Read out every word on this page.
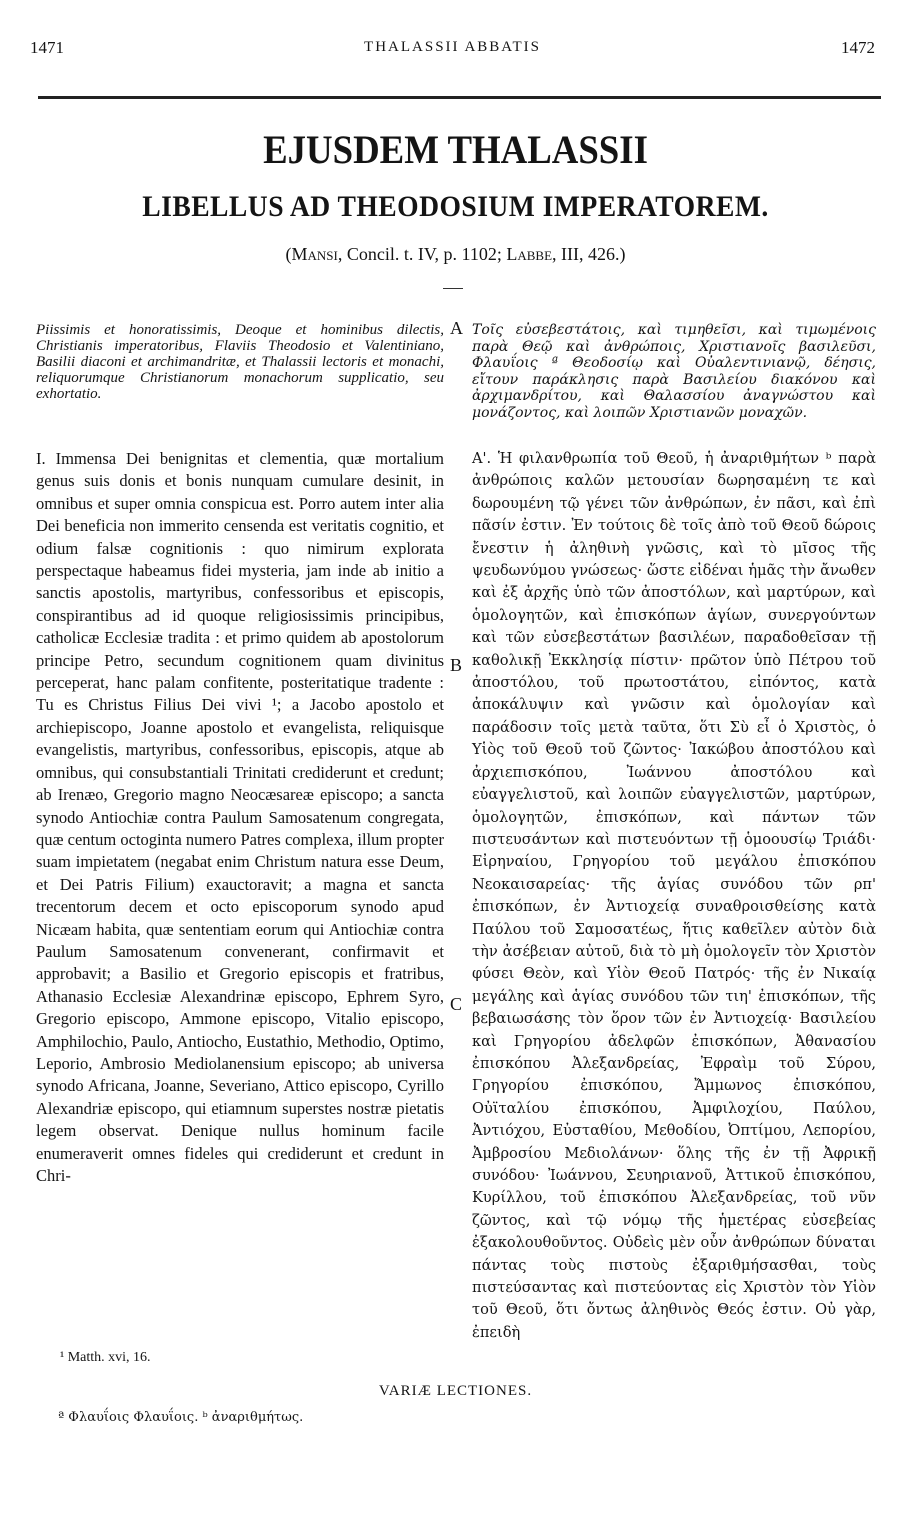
1471	THALASSII ABBATIS	1472
EJUSDEM THALASSII
LIBELLUS AD THEODOSIUM IMPERATOREM.
(Mansi, Concil. t. IV, p. 1102; Labbe, III, 426.)

Piissimis et honoratissimis, Deoque et hominibus dilectis, Christianis imperatoribus, Flaviis Theodosio et Valentiniano, Basilii diaconi et archimandritæ, et Thalassii lectoris et monachi, reliquorumque Christianorum monachorum supplicatio, seu exhortatio.

Τοῖς εὐσεβεστάτοις, καὶ τιμηθεῖσι, καὶ τιμωμένοις παρὰ Θεῷ καὶ ἀνθρώποις, Χριστιανοῖς βασιλεῦσι, Φλαυΐοις ª Θεοδοσίῳ καὶ Οὐαλεντινιανῷ, δέησις, εἴτουν παράκλησις παρὰ Βασιλείου διακόνου καὶ ἀρχιμανδρίτου, καὶ Θαλασσίου ἀναγνώστου καὶ μονάζοντος, καὶ λοιπῶν Χριστιανῶν μοναχῶν.

A
B
C

I. Immensa Dei benignitas et clementia, quæ mortalium genus suis donis et bonis nunquam cumulare desinit, in omnibus et super omnia conspicua est. Porro autem inter alia Dei beneficia non immerito censenda est veritatis cognitio, et odium falsæ cognitionis : quo nimirum explorata perspectaque habeamus fidei mysteria, jam inde ab initio a sanctis apostolis, martyribus, confessoribus et episcopis, conspirantibus ad id quoque religiosissimis principibus, catholicæ Ecclesiæ tradita : et primo quidem ab apostolorum principe Petro, secundum cognitionem quam divinitus perceperat, hanc palam confitente, posteritatique tradente : Tu es Christus Filius Dei vivi ¹; a Jacobo apostolo et archiepiscopo, Joanne apostolo et evangelista, reliquisque evangelistis, martyribus, confessoribus, episcopis, atque ab omnibus, qui consubstantiali Trinitati crediderunt et credunt; ab Irenæo, Gregorio magno Neocæsareæ episcopo; a sancta synodo Antiochiæ contra Paulum Samosatenum congregata, quæ centum octoginta numero Patres complexa, illum propter suam impietatem (negabat enim Christum natura esse Deum, et Dei Patris Filium) exauctoravit; a magna et sancta trecentorum decem et octo episcoporum synodo apud Nicæam habita, quæ sententiam eorum qui Antiochiæ contra Paulum Samosatenum convenerant, confirmavit et approbavit; a Basilio et Gregorio episcopis et fratribus, Athanasio Ecclesiæ Alexandrinæ episcopo, Ephrem Syro, Gregorio episcopo, Ammone episcopo, Vitalio episcopo, Amphilochio, Paulo, Antiocho, Eustathio, Methodio, Optimo, Leporio, Ambrosio Mediolanensium episcopo; ab universa synodo Africana, Joanne, Severiano, Attico episcopo, Cyrillo Alexandriæ episcopo, qui etiamnum superstes nostræ pietatis legem observat. Denique nullus hominum facile enumeraverit omnes fideles qui crediderunt et credunt in Chri-

Α'. Ἡ φιλανθρωπία τοῦ Θεοῦ, ἡ ἀναριθμήτων ᵇ παρὰ ἀνθρώποις καλῶν μετουσίαν δωρησαμένη τε καὶ δωρουμένη τῷ γένει τῶν ἀνθρώπων, ἐν πᾶσι, καὶ ἐπὶ πᾶσίν ἐστιν. Ἐν τούτοις δὲ τοῖς ἀπὸ τοῦ Θεοῦ δώροις ἔνεστιν ἡ ἀληθινὴ γνῶσις, καὶ τὸ μῖσος τῆς ψευδωνύμου γνώσεως· ὥστε εἰδέναι ἡμᾶς τὴν ἄνωθεν καὶ ἐξ ἀρχῆς ὑπὸ τῶν ἀποστόλων, καὶ μαρτύρων, καὶ ὁμολογητῶν, καὶ ἐπισκόπων ἁγίων, συνεργούντων καὶ τῶν εὐσεβεστάτων βασιλέων, παραδοθεῖσαν τῇ καθολικῇ Ἐκκλησίᾳ πίστιν· πρῶτον ὑπὸ Πέτρου τοῦ ἀποστόλου, τοῦ πρωτοστάτου, εἰπόντος, κατὰ ἀποκάλυψιν καὶ γνῶσιν καὶ ὁμολογίαν καὶ παράδοσιν τοῖς μετὰ ταῦτα, ὅτι Σὺ εἶ ὁ Χριστὸς, ὁ Υἱὸς τοῦ Θεοῦ τοῦ ζῶντος· Ἰακώβου ἀποστόλου καὶ ἀρχιεπισκόπου, Ἰωάννου ἀποστόλου καὶ εὐαγγελιστοῦ, καὶ λοιπῶν εὐαγγελιστῶν, μαρτύρων, ὁμολογητῶν, ἐπισκόπων, καὶ πάντων τῶν πιστευσάντων καὶ πιστευόντων τῇ ὁμοουσίῳ Τριάδι· Εἰρηναίου, Γρηγορίου τοῦ μεγάλου ἐπισκόπου Νεοκαισαρείας· τῆς ἁγίας συνόδου τῶν ρπ' ἐπισκόπων, ἐν Ἀντιοχείᾳ συναθροισθείσης κατὰ Παύλου τοῦ Σαμοσατέως, ἥτις καθεῖλεν αὐτὸν διὰ τὴν ἀσέβειαν αὐτοῦ, διὰ τὸ μὴ ὁμολογεῖν τὸν Χριστὸν φύσει Θεὸν, καὶ Υἱὸν Θεοῦ Πατρός· τῆς ἐν Νικαίᾳ μεγάλης καὶ ἁγίας συνόδου τῶν τιη' ἐπισκόπων, τῆς βεβαιωσάσης τὸν ὅρον τῶν ἐν Ἀντιοχείᾳ· Βασιλείου καὶ Γρηγορίου ἀδελφῶν ἐπισκόπων, Ἀθανασίου ἐπισκόπου Ἀλεξανδρείας, Ἐφραὶμ τοῦ Σύρου, Γρηγορίου ἐπισκόπου, Ἄμμωνος ἐπισκόπου, Οὐϊταλίου ἐπισκόπου, Ἀμφιλοχίου, Παύλου, Ἀντιόχου, Εὐσταθίου, Μεθοδίου, Ὀπτίμου, Λεπορίου, Ἀμβροσίου Μεδιολάνων· ὅλης τῆς ἐν τῇ Ἀφρικῇ συνόδου· Ἰωάννου, Σευηριανοῦ, Ἀττικοῦ ἐπισκόπου, Κυρίλλου, τοῦ ἐπισκόπου Ἀλεξανδρείας, τοῦ νῦν ζῶντος, καὶ τῷ νόμῳ τῆς ἡμετέρας εὐσεβείας ἐξακολουθοῦντος. Οὐδεὶς μὲν οὖν ἀνθρώπων δύναται πάντας τοὺς πιστοὺς ἐξαριθμήσασθαι, τοὺς πιστεύσαντας καὶ πιστεύοντας εἰς Χριστὸν τὸν Υἱὸν τοῦ Θεοῦ, ὅτι ὄντως ἀληθινὸς Θεός ἐστιν. Οὐ γὰρ, ἐπειδὴ

¹ Matth. xvi, 16.
VARIÆ LECTIONES.
ª Φλαυΐοις Φλαυΐοις. ᵇ ἀναριθμήτως.
